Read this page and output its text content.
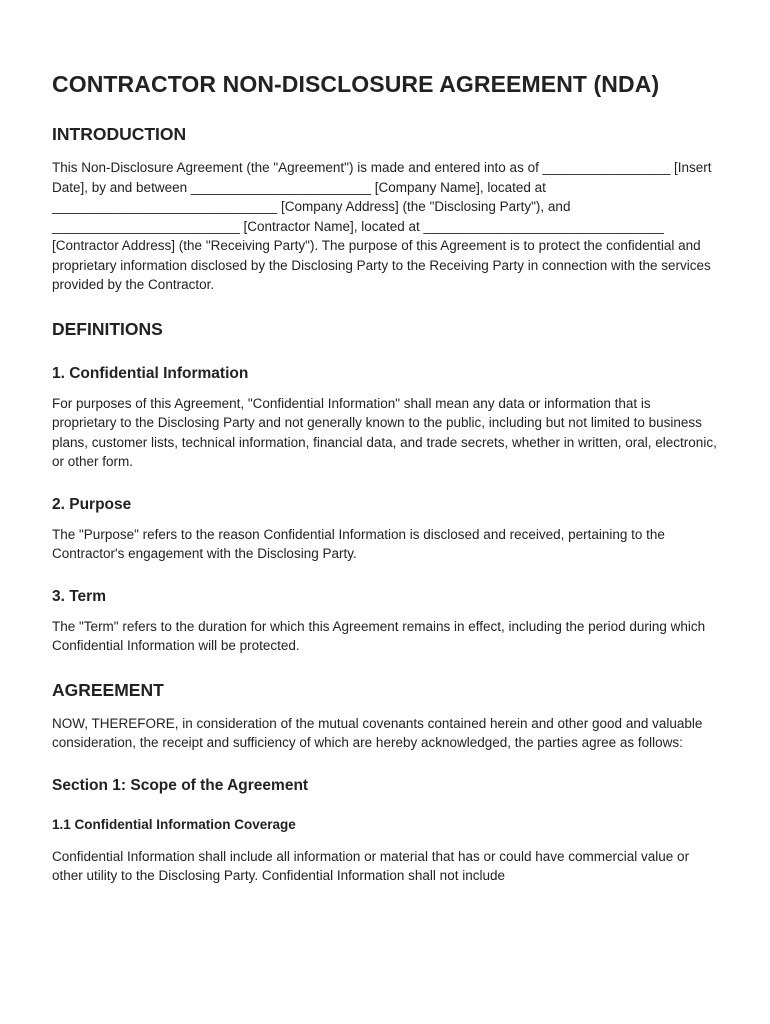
CONTRACTOR NON-DISCLOSURE AGREEMENT (NDA)
INTRODUCTION

This Non-Disclosure Agreement (the "Agreement") is made and entered into as of _________________ [Insert Date], by and between ________________________ [Company Name], located at ______________________________ [Company Address] (the "Disclosing Party"), and _________________________ [Contractor Name], located at ________________________________ [Contractor Address] (the "Receiving Party"). The purpose of this Agreement is to protect the confidential and proprietary information disclosed by the Disclosing Party to the Receiving Party in connection with the services provided by the Contractor.

DEFINITIONS
1. Confidential Information

For purposes of this Agreement, "Confidential Information" shall mean any data or information that is proprietary to the Disclosing Party and not generally known to the public, including but not limited to business plans, customer lists, technical information, financial data, and trade secrets, whether in written, oral, electronic, or other form.

2. Purpose

The "Purpose" refers to the reason Confidential Information is disclosed and received, pertaining to the Contractor's engagement with the Disclosing Party.

3. Term

The "Term" refers to the duration for which this Agreement remains in effect, including the period during which Confidential Information will be protected.

AGREEMENT

NOW, THEREFORE, in consideration of the mutual covenants contained herein and other good and valuable consideration, the receipt and sufficiency of which are hereby acknowledged, the parties agree as follows:

Section 1: Scope of the Agreement
1.1 Confidential Information Coverage

Confidential Information shall include all information or material that has or could have commercial value or other utility to the Disclosing Party. Confidential Information shall not include
